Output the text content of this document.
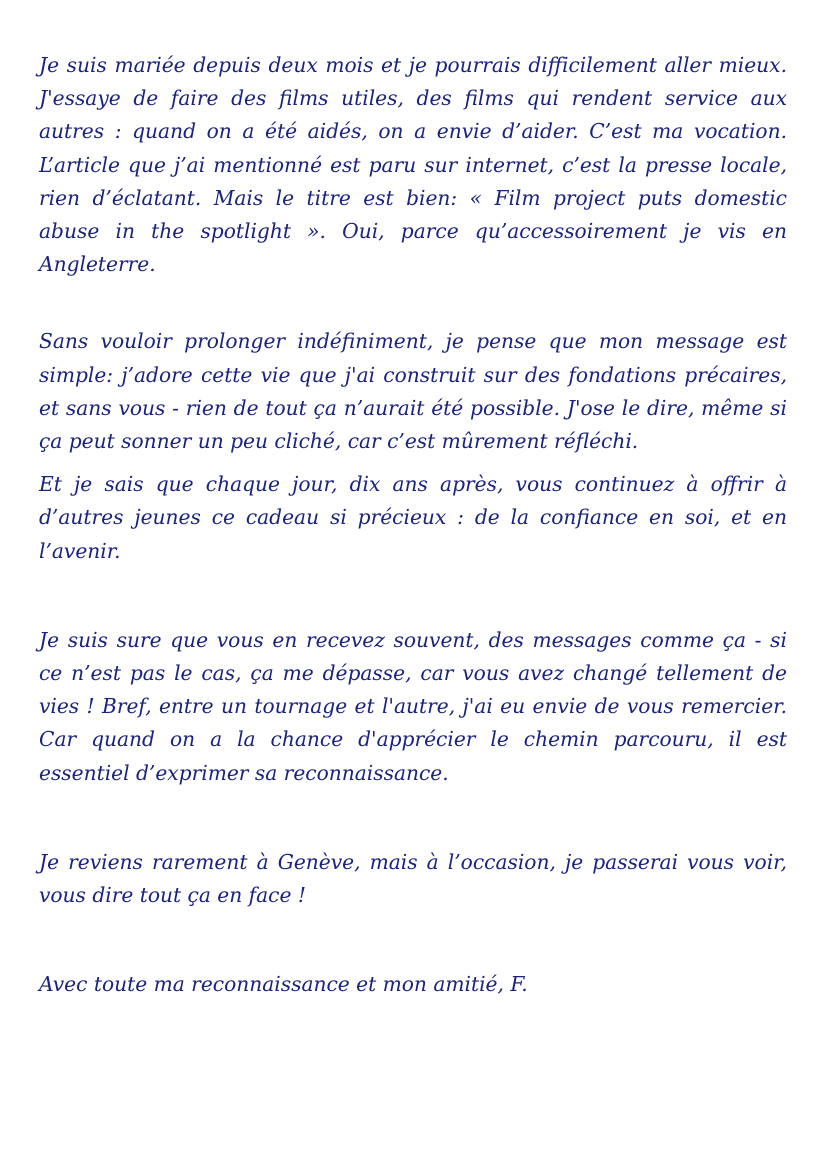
Je suis mariée depuis deux mois et je pourrais difficilement aller mieux. J'essaye de faire des films utiles, des films qui rendent service aux autres : quand on a été aidés, on a envie d’aider. C’est ma vocation. L’article que j’ai mentionné est paru sur internet, c’est la presse locale, rien d’éclatant. Mais le titre est bien: « Film project puts domestic abuse in the spotlight ». Oui, parce qu’accessoirement je vis en Angleterre.

Sans vouloir prolonger indéfiniment, je pense que mon message est simple: j’adore cette vie que j'ai construit sur des fondations précaires, et sans vous - rien de tout ça n’aurait été possible. J'ose le dire, même si ça peut sonner un peu cliché, car c’est mûrement réfléchi.

Et je sais que chaque jour, dix ans après, vous continuez à offrir à d’autres jeunes ce cadeau si précieux : de la confiance en soi, et en l’avenir.

Je suis sure que vous en recevez souvent, des messages comme ça - si ce n’est pas le cas, ça me dépasse, car vous avez changé tellement de vies ! Bref, entre un tournage et l'autre, j'ai eu envie de vous remercier. Car quand on a la chance d'apprécier le chemin parcouru, il est essentiel d’exprimer sa reconnaissance.

Je reviens rarement à Genève, mais à l’occasion, je passerai vous voir, vous dire tout ça en face !

Avec toute ma reconnaissance et mon amitié, F.
